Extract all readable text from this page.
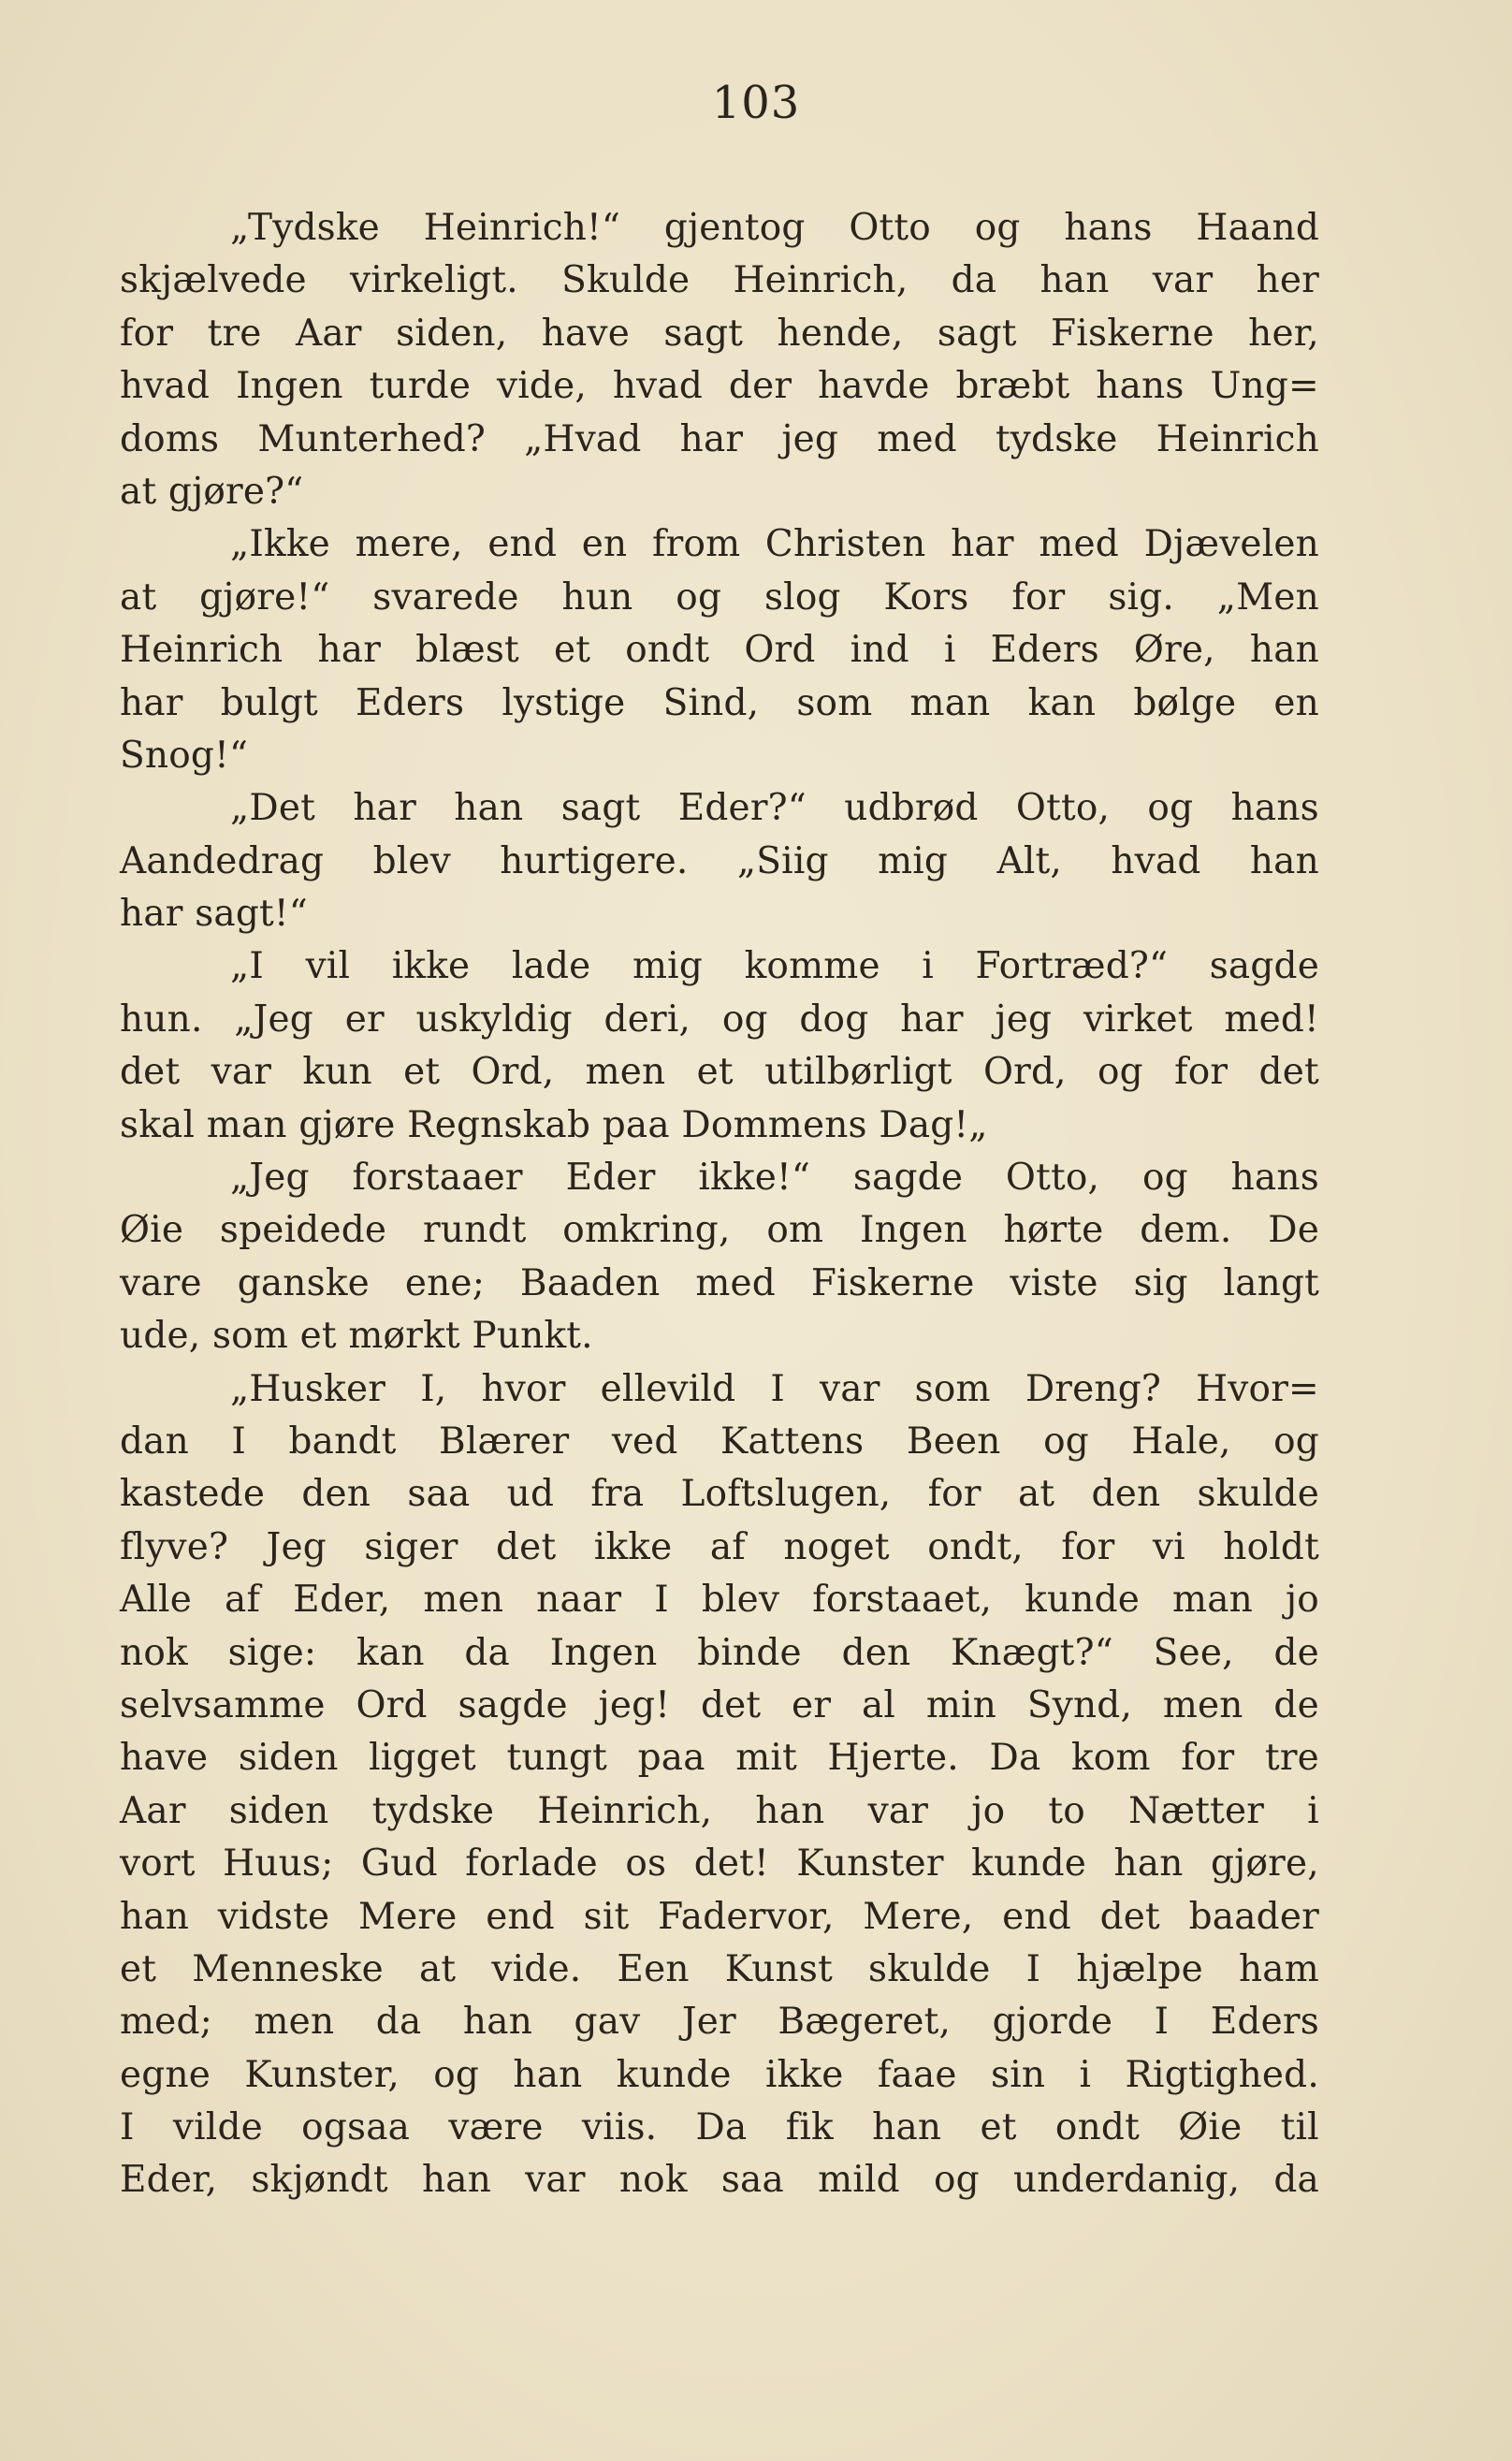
103
„Tydske Heinrich!“ gjentog Otto og hans Haand
skjælvede virkeligt. Skulde Heinrich, da han var her
for tre Aar siden, have sagt hende, sagt Fiskerne her,
hvad Ingen turde vide, hvad der havde bræbt hans Ung=
doms Munterhed? „Hvad har jeg med tydske Heinrich
at gjøre?“
„Ikke mere, end en from Christen har med Djævelen
at gjøre!“ svarede hun og slog Kors for sig. „Men
Heinrich har blæst et ondt Ord ind i Eders Øre, han
har bulgt Eders lystige Sind, som man kan bølge en
Snog!“
„Det har han sagt Eder?“ udbrød Otto, og hans
Aandedrag blev hurtigere. „Siig mig Alt, hvad han
har sagt!“
„I vil ikke lade mig komme i Fortræd?“ sagde
hun. „Jeg er uskyldig deri, og dog har jeg virket med!
det var kun et Ord, men et utilbørligt Ord, og for det
skal man gjøre Regnskab paa Dommens Dag!„
„Jeg forstaaer Eder ikke!“ sagde Otto, og hans
Øie speidede rundt omkring, om Ingen hørte dem. De
vare ganske ene; Baaden med Fiskerne viste sig langt
ude, som et mørkt Punkt.
„Husker I, hvor ellevild I var som Dreng? Hvor=
dan I bandt Blærer ved Kattens Been og Hale, og
kastede den saa ud fra Loftslugen, for at den skulde
flyve? Jeg siger det ikke af noget ondt, for vi holdt
Alle af Eder, men naar I blev forstaaet, kunde man jo
nok sige: kan da Ingen binde den Knægt?“ See, de
selvsamme Ord sagde jeg! det er al min Synd, men de
have siden ligget tungt paa mit Hjerte. Da kom for tre
Aar siden tydske Heinrich, han var jo to Nætter i
vort Huus; Gud forlade os det! Kunster kunde han gjøre,
han vidste Mere end sit Fadervor, Mere, end det baader
et Menneske at vide. Een Kunst skulde I hjælpe ham
med; men da han gav Jer Bægeret, gjorde I Eders
egne Kunster, og han kunde ikke faae sin i Rigtighed.
I vilde ogsaa være viis. Da fik han et ondt Øie til
Eder, skjøndt han var nok saa mild og underdanig, da
